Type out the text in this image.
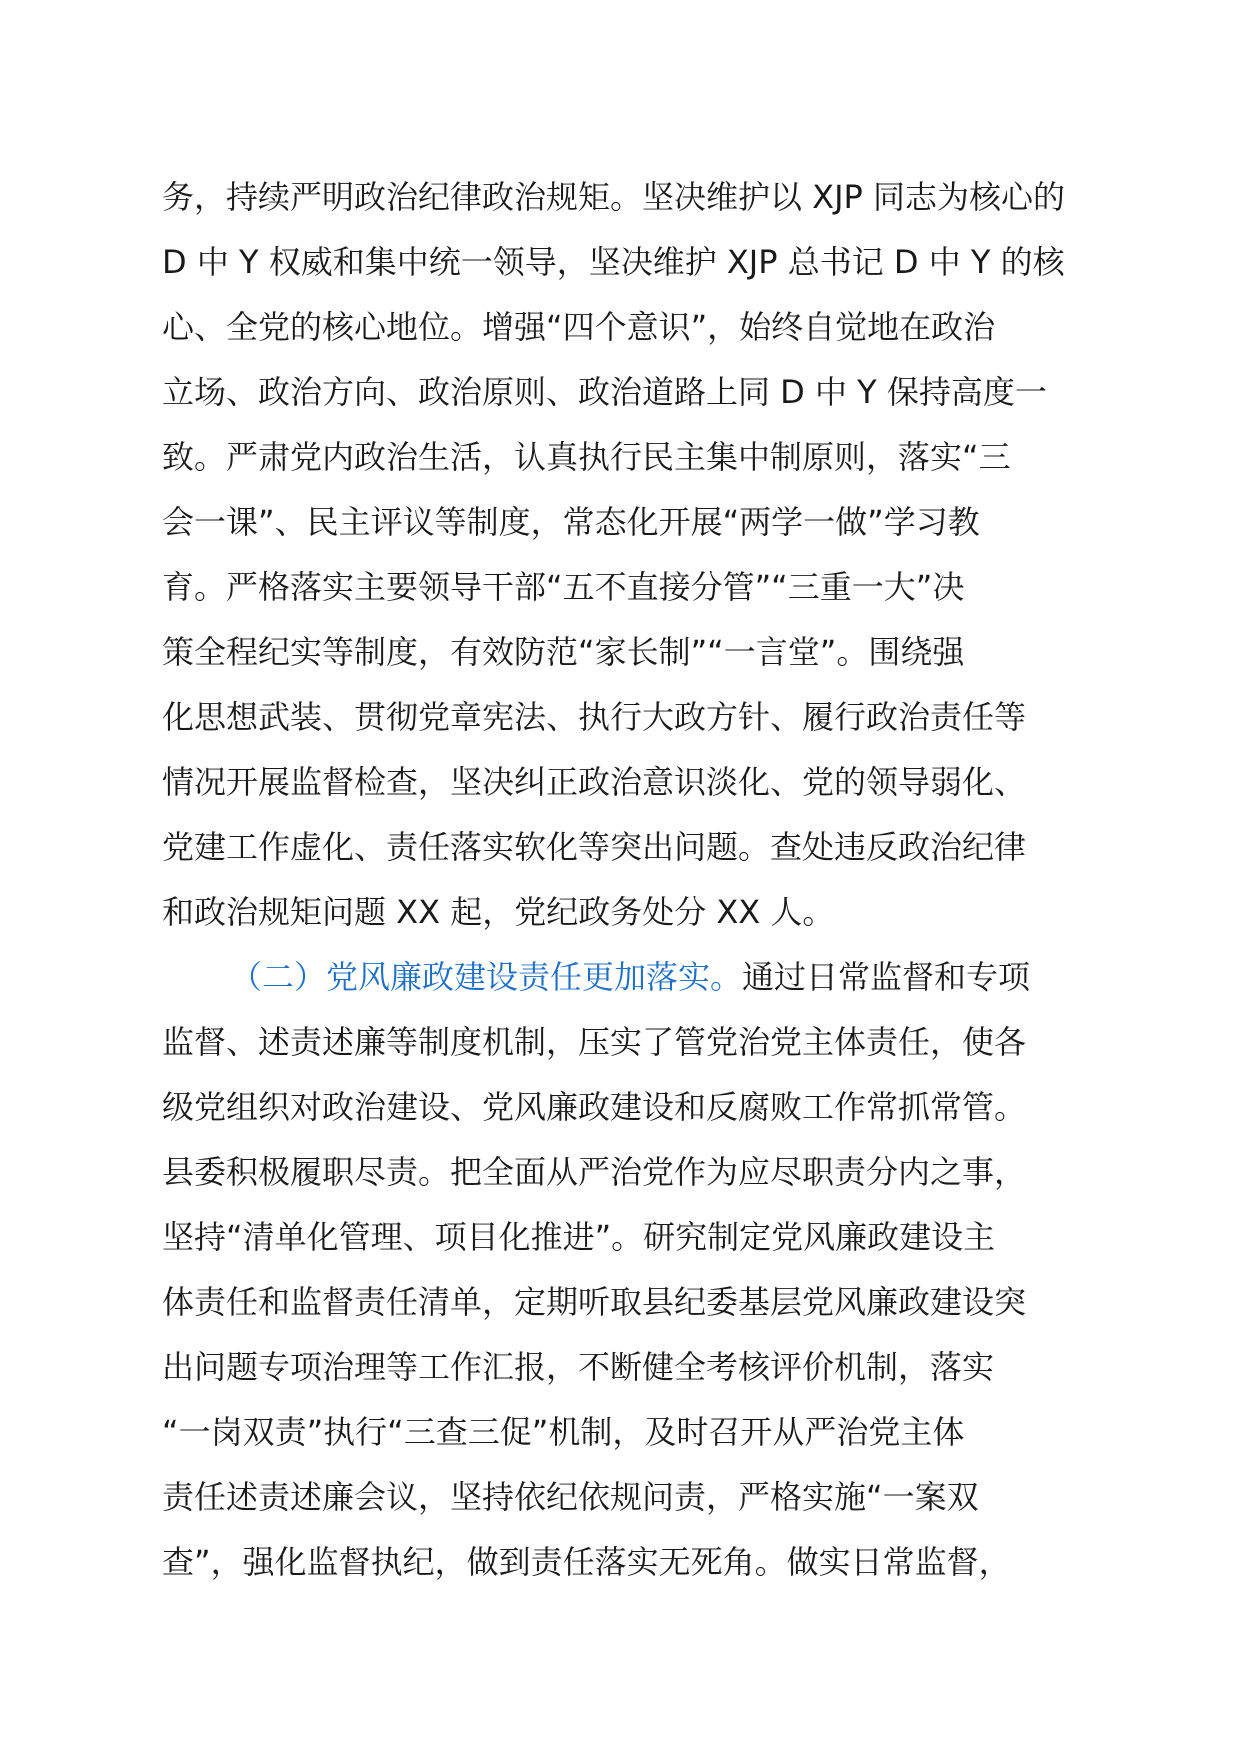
务，持续严明政治纪律政治规矩。坚决维护以 XJP 同志为核心的
D 中 Y 权威和集中统一领导，坚决维护 XJP 总书记 D 中 Y 的核
心、全党的核心地位。增强“四个意识”，始终自觉地在政治
立场、政治方向、政治原则、政治道路上同 D 中 Y 保持高度一
致。严肃党内政治生活，认真执行民主集中制原则，落实“三
会一课”、民主评议等制度，常态化开展“两学一做”学习教
育。严格落实主要领导干部“五不直接分管”“三重一大”决
策全程纪实等制度，有效防范“家长制”“一言堂”。围绕强
化思想武装、贯彻党章宪法、执行大政方针、履行政治责任等
情况开展监督检查，坚决纠正政治意识淡化、党的领导弱化、
党建工作虚化、责任落实软化等突出问题。查处违反政治纪律
和政治规矩问题 XX 起，党纪政务处分 XX 人。
（二）党风廉政建设责任更加落实。通过日常监督和专项
监督、述责述廉等制度机制，压实了管党治党主体责任，使各
级党组织对政治建设、党风廉政建设和反腐败工作常抓常管。
县委积极履职尽责。把全面从严治党作为应尽职责分内之事，
坚持“清单化管理、项目化推进”。研究制定党风廉政建设主
体责任和监督责任清单，定期听取县纪委基层党风廉政建设突
出问题专项治理等工作汇报，不断健全考核评价机制，落实
“一岗双责”执行“三查三促”机制，及时召开从严治党主体
责任述责述廉会议，坚持依纪依规问责，严格实施“一案双
查”，强化监督执纪，做到责任落实无死角。做实日常监督，
